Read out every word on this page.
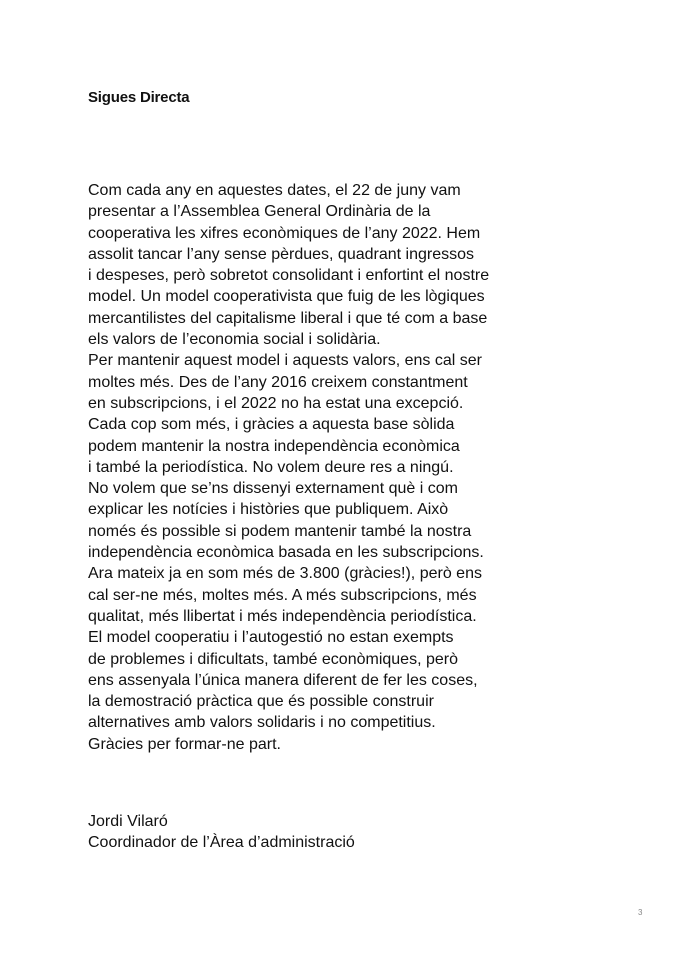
Sigues Directa
Com cada any en aquestes dates, el 22 de juny vam
presentar a l’Assemblea General Ordinària de la
cooperativa les xifres econòmiques de l’any 2022. Hem
assolit tancar l’any sense pèrdues, quadrant ingressos
i despeses, però sobretot consolidant i enfortint el nostre
model. Un model cooperativista que fuig de les lògiques
mercantilistes del capitalisme liberal i que té com a base
els valors de l’economia social i solidària.
Per mantenir aquest model i aquests valors, ens cal ser
moltes més. Des de l’any 2016 creixem constantment
en subscripcions, i el 2022 no ha estat una excepció.
Cada cop som més, i gràcies a aquesta base sòlida
podem mantenir la nostra independència econòmica
i també la periodística. No volem deure res a ningú.
No volem que se’ns dissenyi externament què i com
explicar les notícies i històries que publiquem. Això
només és possible si podem mantenir també la nostra
independència econòmica basada en les subscripcions.
Ara mateix ja en som més de 3.800 (gràcies!), però ens
cal ser-ne més, moltes més. A més subscripcions, més
qualitat, més llibertat i més independència periodística.
El model cooperatiu i l’autogestió no estan exempts
de problemes i dificultats, també econòmiques, però
ens assenyala l’única manera diferent de fer les coses,
la demostració pràctica que és possible construir
alternatives amb valors solidaris i no competitius.
Gràcies per formar-ne part.
Jordi Vilaró
Coordinador de l’Àrea d’administració
3
